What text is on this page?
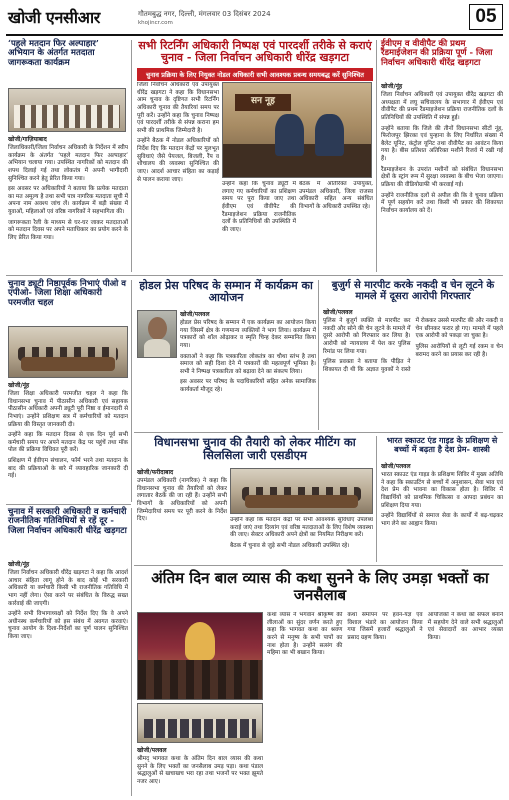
खोजी एनसीआर	गौतमबुद्ध नगर, दिल्ली, मंगलवार 03 दिसंबर 2024
khojincr.com	05
‘पहले मतदान फिर अल्पाहार’ अभियान के अंतर्गत मतदाता जागरूकता कार्यक्रम
खोजी/गाज़ियाबाद

जिलाधिकारी/जिला निर्वाचन अधिकारी के निर्देशन में स्वीप कार्यक्रम के अंतर्गत ‘पहले मतदान फिर अल्पाहार’ अभियान चलाया गया। उपस्थित नागरिकों को मतदान की शपथ दिलाई गई तथा लोकतंत्र में अपनी भागीदारी सुनिश्चित करने हेतु प्रेरित किया गया।

इस अवसर पर अधिकारियों ने बताया कि प्रत्येक मतदाता का मत अमूल्य है तथा सभी पात्र नागरिक मतदाता सूची में अपना नाम अवश्य जांच लें। कार्यक्रम में बड़ी संख्या में युवाओं, महिलाओं एवं वरिष्ठ नागरिकों ने सहभागिता की।

जागरूकता रैली के माध्यम से घर-घर जाकर मतदाताओं को मतदान दिवस पर अपने मताधिकार का प्रयोग करने के लिए प्रेरित किया गया।

सभी रिटर्निंग अधिकारी निष्पक्ष एवं पारदर्शी तरीके से कराएं चुनाव - जिला निर्वाचन अधिकारी धीरेंद्र खड़गटा
चुनाव प्रक्रिया के लिए नियुक्त नोडल अधिकारी सभी आवश्यक प्रबन्ध समयबद्ध करें सुनिश्चित
सन नूह

जिला निर्वाचन अधिकारी एवं उपायुक्त धीरेंद्र खड़गटा ने कहा कि विधानसभा आम चुनाव के दृष्टिगत सभी रिटर्निंग अधिकारी चुनाव की तैयारियां समय पर पूरी करें। उन्होंने कहा कि चुनाव निष्पक्ष एवं पारदर्शी तरीके से संपन्न कराना हम सभी की प्राथमिक जिम्मेदारी है।

उन्होंने बैठक में नोडल अधिकारियों को निर्देश दिए कि मतदान केंद्रों पर मूलभूत सुविधाएं जैसे पेयजल, बिजली, रैंप व शौचालय की व्यवस्था सुनिश्चित की जाए। आदर्श आचार संहिता का कड़ाई से पालन कराया जाए।

उन्होंने कहा कि चुनाव ड्यूटी में लगाए गए कर्मचारियों का प्रशिक्षण समय पर पूरा किया जाए तथा ईवीएम एवं वीवीपैट की रैंडमाइजेशन प्रक्रिया राजनीतिक दलों के प्रतिनिधियों की उपस्थिति में की जाए।

बैठक में अतिरिक्त उपायुक्त, उपमंडल अधिकारी, जिला राजस्व अधिकारी सहित अन्य संबंधित विभागों के अधिकारी उपस्थित रहे।

ईवीएम व वीवीपैट की प्रथम रैंडमाईजेशन की प्रक्रिया पूर्ण - जिला निर्वाचन अधिकारी धीरेंद्र खड़गटा
खोजी/नूंह

जिला निर्वाचन अधिकारी एवं उपायुक्त धीरेंद्र खड़गटा की अध्यक्षता में लघु सचिवालय के सभागार में ईवीएम एवं वीवीपैट की प्रथम रैंडमाइजेशन प्रक्रिया राजनीतिक दलों के प्रतिनिधियों की उपस्थिति में संपन्न हुई।

उन्होंने बताया कि जिले की तीनों विधानसभा सीटों नूंह, फिरोजपुर झिरका एवं पुन्हाना के लिए निर्धारित संख्या में बैलेट यूनिट, कंट्रोल यूनिट तथा वीवीपैट का आवंटन किया गया है। बीस प्रतिशत अतिरिक्त मशीनें रिजर्व में रखी गई हैं।

रैंडमाइजेशन के उपरांत मशीनों को संबंधित विधानसभा क्षेत्रों के स्ट्रांग रूम में सुरक्षा व्यवस्था के बीच भेजा जाएगा। प्रक्रिया की वीडियोग्राफी भी करवाई गई।

उन्होंने राजनीतिक दलों से अपील की कि वे चुनाव प्रक्रिया में पूर्ण सहयोग करें तथा किसी भी प्रकार की शिकायत निर्वाचन कार्यालय को दें।

चुनाव ड्यूटी निष्ठापूर्वक निभाएं पीओ व एपीओ- जिला शिक्षा अधिकारी परमजीत चहल
खोजी/नूंह

जिला शिक्षा अधिकारी परमजीत चहल ने कहा कि विधानसभा चुनाव में पीठासीन अधिकारी एवं सहायक पीठासीन अधिकारी अपनी ड्यूटी पूरी निष्ठा व ईमानदारी से निभाएं। उन्होंने प्रशिक्षण सत्र में कर्मचारियों को मतदान प्रक्रिया की विस्तृत जानकारी दी।

उन्होंने कहा कि मतदान दिवस से एक दिन पूर्व सभी कर्मचारी समय पर अपने मतदान केंद्र पर पहुंचें तथा मॉक पोल की प्रक्रिया विधिवत पूरी करें।

प्रशिक्षण में ईवीएम संचालन, फॉर्म भरने तथा मतदान के बाद की प्रक्रियाओं के बारे में व्यावहारिक जानकारी दी गई।

होडल प्रेस परिषद के सम्मान में कार्यक्रम का आयोजन
खोजी/पलवल

होडल प्रेस परिषद के सम्मान में एक कार्यक्रम का आयोजन किया गया जिसमें क्षेत्र के गणमान्य व्यक्तियों ने भाग लिया। कार्यक्रम में पत्रकारों को शॉल ओढ़ाकर व स्मृति चिन्ह देकर सम्मानित किया गया।

वक्ताओं ने कहा कि पत्रकारिता लोकतंत्र का चौथा स्तंभ है तथा समाज को सही दिशा देने में पत्रकारों की महत्वपूर्ण भूमिका है। सभी ने निष्पक्ष पत्रकारिता को बढ़ावा देने का संकल्प लिया।

इस अवसर पर परिषद के पदाधिकारियों सहित अनेक सामाजिक कार्यकर्ता मौजूद रहे।

बुजुर्ग से मारपीट करके नकदी व चेन लूटने के मामले में दूसरा आरोपी गिरफ्तार
खोजी/पलवल

पुलिस ने बुजुर्ग व्यक्ति से मारपीट कर नकदी और सोने की चेन लूटने के मामले में दूसरे आरोपी को गिरफ्तार कर लिया है। आरोपी को न्यायालय में पेश कर पुलिस रिमांड पर लिया गया।

पुलिस प्रवक्ता ने बताया कि पीड़ित ने शिकायत दी थी कि अज्ञात युवकों ने रास्ते में रोककर उससे मारपीट की और नकदी व चेन छीनकर फरार हो गए। मामले में पहले एक आरोपी को पकड़ा जा चुका है।

पुलिस आरोपियों से लूटी गई रकम व चेन बरामद करने का प्रयास कर रही है।

विधानसभा चुनाव की तैयारी को लेकर मीटिंग का सिलसिला जारी एसडीएम
खोजी/फरीदाबाद

उपमंडल अधिकारी (नागरिक) ने कहा कि विधानसभा चुनाव की तैयारियों को लेकर लगातार बैठकें की जा रही हैं। उन्होंने सभी विभागों के अधिकारियों को अपनी जिम्मेदारियां समय पर पूरी करने के निर्देश दिए।	उन्होंने कहा कि मतदान केंद्रों पर सभी आवश्यक सुविधाएं उपलब्ध कराई जाएं तथा दिव्यांग एवं वरिष्ठ मतदाताओं के लिए विशेष व्यवस्था की जाए। सेक्टर अधिकारी अपने क्षेत्रों का नियमित निरीक्षण करें।

बैठक में चुनाव से जुड़े सभी नोडल अधिकारी उपस्थित रहे।

भारत स्काउट एंड गाइड के प्रशिक्षण से बच्चों में बढ़ता है देश प्रेम- शास्त्री
खोजी/पलवल

भारत स्काउट एंड गाइड के प्रशिक्षण शिविर में मुख्य अतिथि ने कहा कि स्काउटिंग से बच्चों में अनुशासन, सेवा भाव एवं देश प्रेम की भावना का विकास होता है। शिविर में विद्यार्थियों को प्राथमिक चिकित्सा व आपदा प्रबंधन का प्रशिक्षण दिया गया।

उन्होंने विद्यार्थियों से समाज सेवा के कार्यों में बढ़-चढ़कर भाग लेने का आह्वान किया।

चुनाव में सरकारी अधिकारी व कर्मचारी राजनीतिक गतिविधियों से रहें दूर - जिला निर्वाचन अधिकारी धीरेंद्र खड़गटा
खोजी/नूंह

जिला निर्वाचन अधिकारी धीरेंद्र खड़गटा ने कहा कि आदर्श आचार संहिता लागू होने के बाद कोई भी सरकारी अधिकारी या कर्मचारी किसी भी राजनीतिक गतिविधि में भाग नहीं लेगा। ऐसा करने पर संबंधित के विरुद्ध सख्त कार्रवाई की जाएगी।

उन्होंने सभी विभागाध्यक्षों को निर्देश दिए कि वे अपने अधीनस्थ कर्मचारियों को इस संबंध में अवगत करवाएं। चुनाव आयोग के दिशा-निर्देशों का पूर्ण पालन सुनिश्चित किया जाए।

अंतिम दिन बाल व्यास की कथा सुनने के लिए उमड़ा भक्तों का जनसैलाब
खोजी/पलवल

श्रीमद् भागवत कथा के अंतिम दिन बाल व्यास की कथा सुनने के लिए भक्तों का जनसैलाब उमड़ पड़ा। कथा पंडाल श्रद्धालुओं से खचाखच भरा रहा तथा भजनों पर भक्त झूमते नजर आए।

कथा व्यास ने भगवान श्रीकृष्ण की लीलाओं का सुंदर वर्णन करते हुए कहा कि भागवत कथा का श्रवण करने से मनुष्य के सभी पापों का नाश होता है। उन्होंने सत्संग की महिमा का भी बखान किया।

कथा समापन पर हवन-यज्ञ एवं विशाल भंडारे का आयोजन किया गया जिसमें हजारों श्रद्धालुओं ने प्रसाद ग्रहण किया।

आयोजकों ने कथा को सफल बनाने में सहयोग देने वाले सभी श्रद्धालुओं एवं सेवादारों का आभार व्यक्त किया।
